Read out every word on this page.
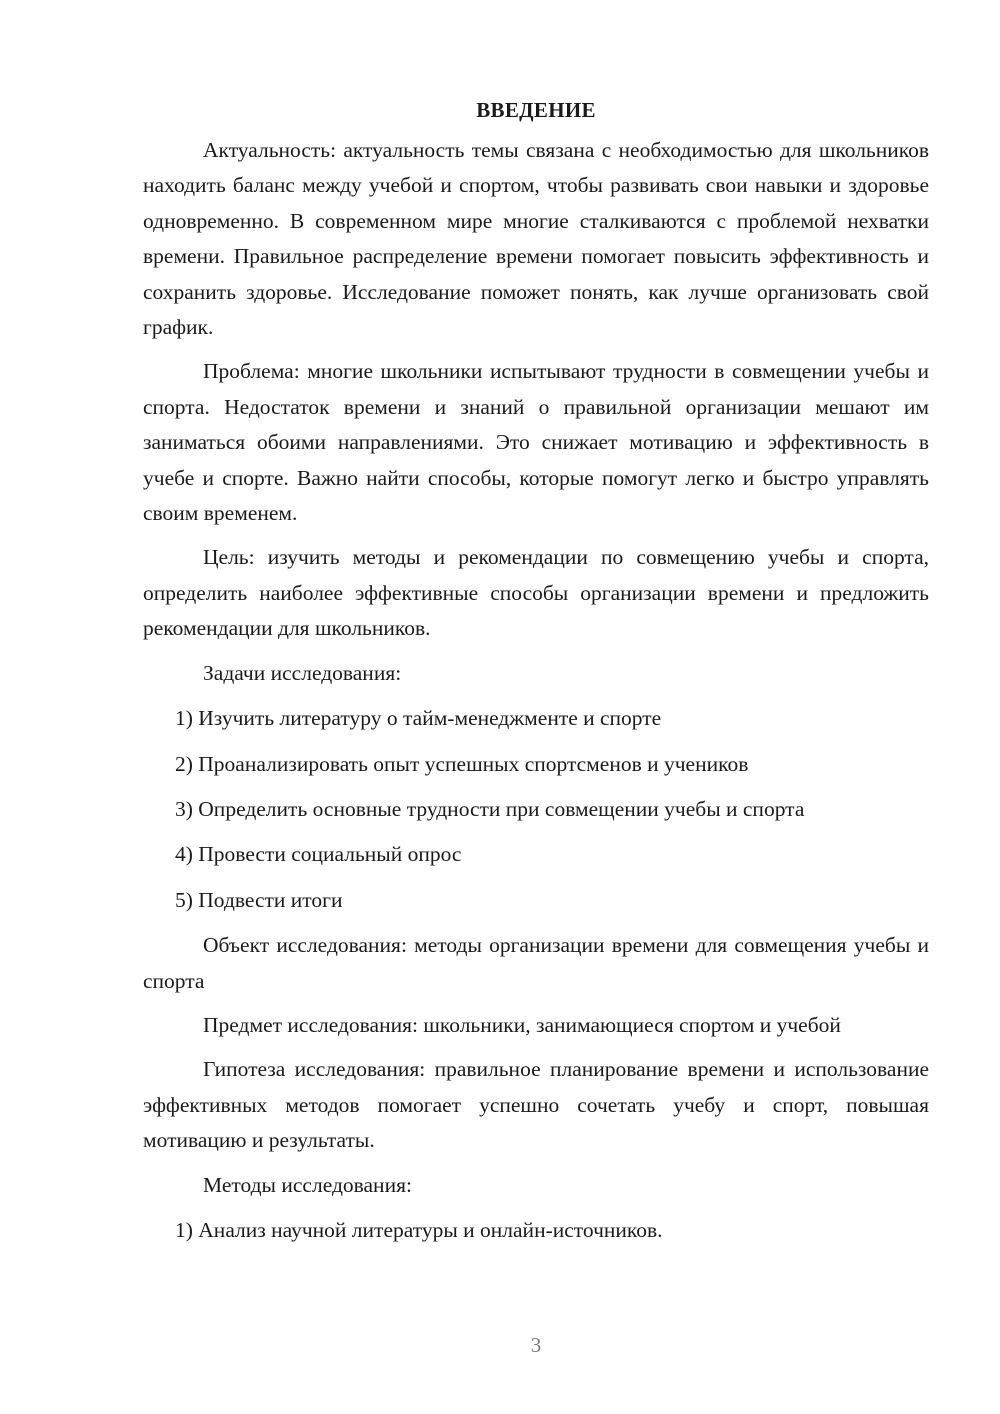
ВВЕДЕНИЕ

Актуальность: актуальность темы связана с необходимостью для школьников находить баланс между учебой и спортом, чтобы развивать свои навыки и здоровье одновременно. В современном мире многие сталкиваются с проблемой нехватки времени. Правильное распределение времени помогает повысить эффективность и сохранить здоровье. Исследование поможет понять, как лучше организовать свой график.

Проблема: многие школьники испытывают трудности в совмещении учебы и спорта. Недостаток времени и знаний о правильной организации мешают им заниматься обоими направлениями. Это снижает мотивацию и эффективность в учебе и спорте. Важно найти способы, которые помогут легко и быстро управлять своим временем.

Цель: изучить методы и рекомендации по совмещению учебы и спорта, определить наиболее эффективные способы организации времени и предложить рекомендации для школьников.

Задачи исследования:
1) Изучить литературу о тайм-менеджменте и спорте
2) Проанализировать опыт успешных спортсменов и учеников
3) Определить основные трудности при совмещении учебы и спорта
4) Провести социальный опрос
5) Подвести итоги

Объект исследования: методы организации времени для совмещения учебы и спорта

Предмет исследования: школьники, занимающиеся спортом и учебой

Гипотеза исследования: правильное планирование времени и использование эффективных методов помогает успешно сочетать учебу и спорт, повышая мотивацию и результаты.

Методы исследования:
1) Анализ научной литературы и онлайн-источников.
3
